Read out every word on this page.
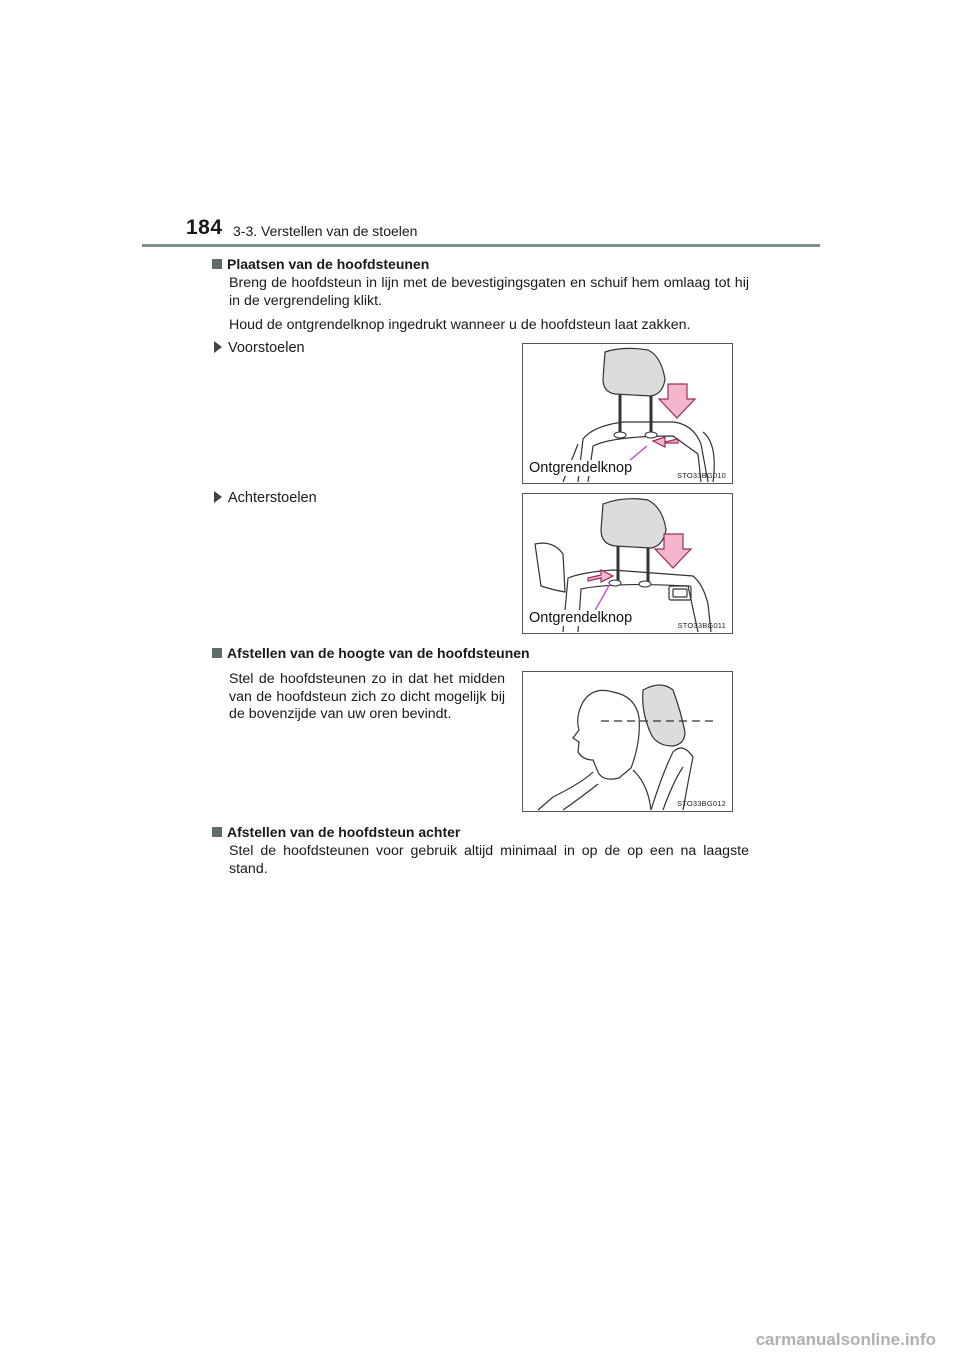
184 3-3. Verstellen van de stoelen
Plaatsen van de hoofdsteunen
Breng de hoofdsteun in lijn met de bevestigingsgaten en schuif hem omlaag tot hij in de vergrendeling klikt.
Houd de ontgrendelknop ingedrukt wanneer u de hoofdsteun laat zakken.
Voorstoelen
Ontgrendelknop	STO33BG010
Achterstoelen
Ontgrendelknop	STO33BG011
Afstellen van de hoogte van de hoofdsteunen
Stel de hoofdsteunen zo in dat het midden van de hoofdsteun zich zo dicht mogelijk bij de bovenzijde van uw oren bevindt.
STO33BG012
Afstellen van de hoofdsteun achter
Stel de hoofdsteunen voor gebruik altijd minimaal in op de op een na laagste stand.
carmanualsonline.info
